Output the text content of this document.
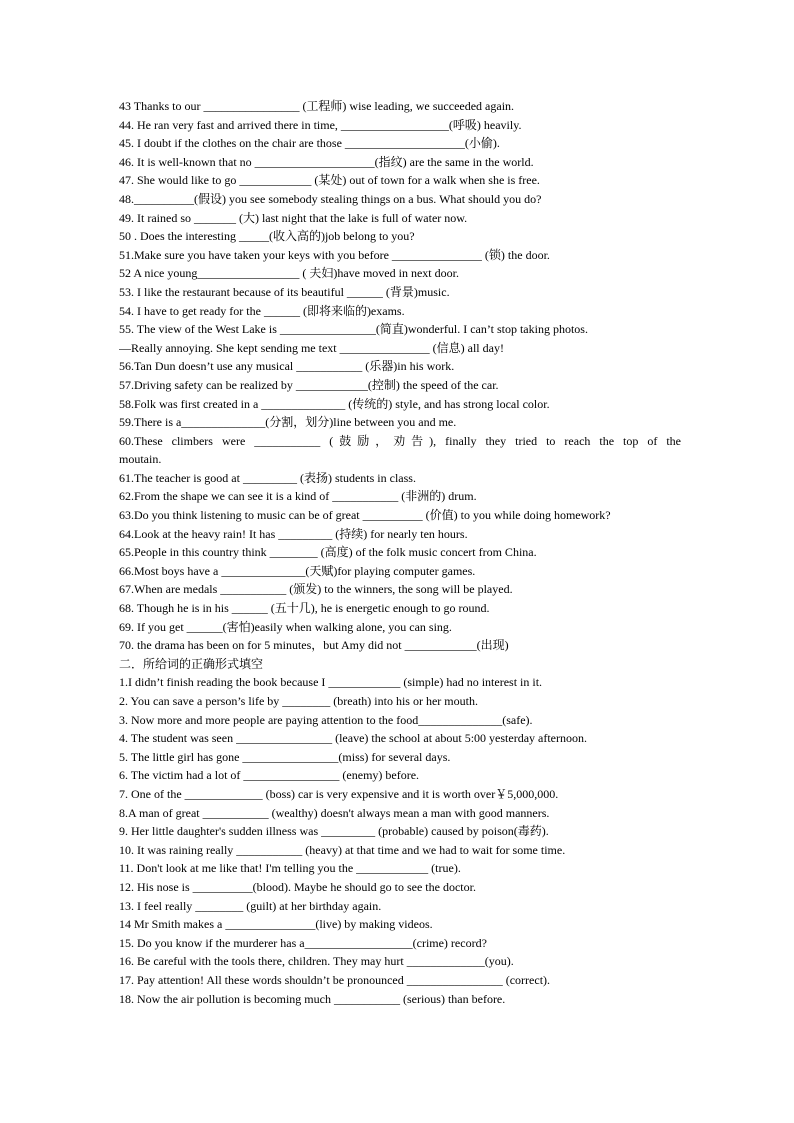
43 Thanks to our ________________ (工程师) wise leading, we succeeded again.
44. He ran very fast and arrived there in time, __________________(呼吸) heavily.
45. I doubt if the clothes on the chair are those ____________________(小偷).
46. It is well-known that no ____________________(指纹) are the same in the world.
47. She would like to go ____________ (某处) out of town for a walk when she is free.
48.__________(假设) you see somebody stealing things on a bus. What should you do?
49. It rained so _______ (大) last night that the lake is full of water now.
50 . Does the interesting _____(收入高的)job belong to you?
51.Make sure you have taken your keys with you before _______________ (锁) the door.
52 A nice young_________________ ( 夫妇)have moved in next door.
53. I like the restaurant because of its beautiful ______ (背景)music.
54. I have to get ready for the ______ (即将来临的)exams.
55. The view of the West Lake is ________________(简直)wonderful. I can’t stop taking photos.
—Really annoying. She kept sending me text _______________ (信息) all day!
56.Tan Dun doesn’t use any musical ___________ (乐器)in his work.
57.Driving safety can be realized by ____________(控制) the speed of the car.
58.Folk was first created in a ______________ (传统的) style, and has strong local color.
59.There is a______________(分割，划分)line between you and me.
60.These climbers were ___________ (鼓励，劝告), finally they tried to reach the top of the
moutain.
61.The teacher is good at _________ (表扬) students in class.
62.From the shape we can see it is a kind of ___________ (非洲的) drum.
63.Do you think listening to music can be of great __________ (价值) to you while doing homework?
64.Look at the heavy rain! It has _________ (持续) for nearly ten hours.
65.People in this country think ________ (高度) of the folk music concert from China.
66.Most boys have a ______________(天赋)for playing computer games.
67.When are medals ___________ (颁发) to the winners, the song will be played.
68. Though he is in his ______ (五十几), he is energetic enough to go round.
69. If you get ______(害怕)easily when walking alone, you can sing.
70. the drama has been on for 5 minutes，but Amy did not ____________(出现)
二．所给词的正确形式填空
1.I didn’t finish reading the book because I ____________ (simple) had no interest in it.
2. You can save a person’s life by ________ (breath) into his or her mouth.
3. Now more and more people are paying attention to the food______________(safe).
4. The student was seen ________________ (leave) the school at about 5:00 yesterday afternoon.
5. The little girl has gone ________________(miss) for several days.
6. The victim had a lot of ________________ (enemy) before.
7. One of the _____________ (boss) car is very expensive and it is worth over￥5,000,000.
8.A man of great ___________ (wealthy) doesn't always mean a man with good manners.
9. Her little daughter's sudden illness was _________ (probable) caused by poison(毒药).
10. It was raining really ___________ (heavy) at that time and we had to wait for some time.
11. Don't look at me like that! I'm telling you the ____________ (true).
12. His nose is __________(blood). Maybe he should go to see the doctor.
13. I feel really ________ (guilt) at her birthday again.
14 Mr Smith makes a _______________(live) by making videos.
15. Do you know if the murderer has a__________________(crime) record?
16. Be careful with the tools there, children. They may hurt _____________(you).
17. Pay attention! All these words shouldn’t be pronounced ________________ (correct).
18. Now the air pollution is becoming much ___________ (serious) than before.
